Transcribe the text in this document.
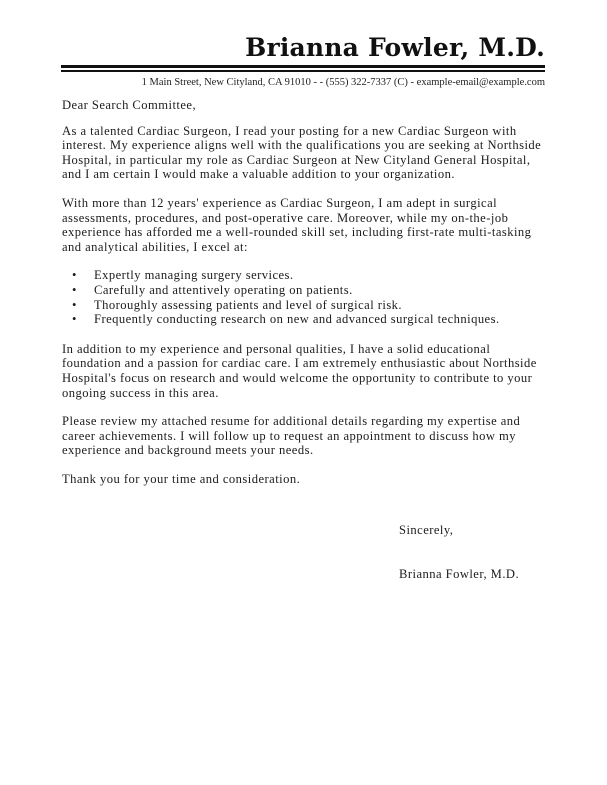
Brianna Fowler, M.D.
1 Main Street, New Cityland, CA 91010 - - (555) 322-7337 (C) - example-email@example.com

Dear Search Committee,

As a talented Cardiac Surgeon, I read your posting for a new Cardiac Surgeon with interest. My experience aligns well with the qualifications you are seeking at Northside Hospital, in particular my role as Cardiac Surgeon at New Cityland General Hospital, and I am certain I would make a valuable addition to your organization.

With more than 12 years' experience as Cardiac Surgeon, I am adept in surgical assessments, procedures, and post-operative care. Moreover, while my on-the-job experience has afforded me a well-rounded skill set, including first-rate multi-tasking and analytical abilities, I excel at:

• Expertly managing surgery services.
• Carefully and attentively operating on patients.
• Thoroughly assessing patients and level of surgical risk.
• Frequently conducting research on new and advanced surgical techniques.

In addition to my experience and personal qualities, I have a solid educational foundation and a passion for cardiac care. I am extremely enthusiastic about Northside Hospital's focus on research and would welcome the opportunity to contribute to your ongoing success in this area.

Please review my attached resume for additional details regarding my expertise and career achievements. I will follow up to request an appointment to discuss how my experience and background meets your needs.

Thank you for your time and consideration.

Sincerely,
Brianna Fowler, M.D.
